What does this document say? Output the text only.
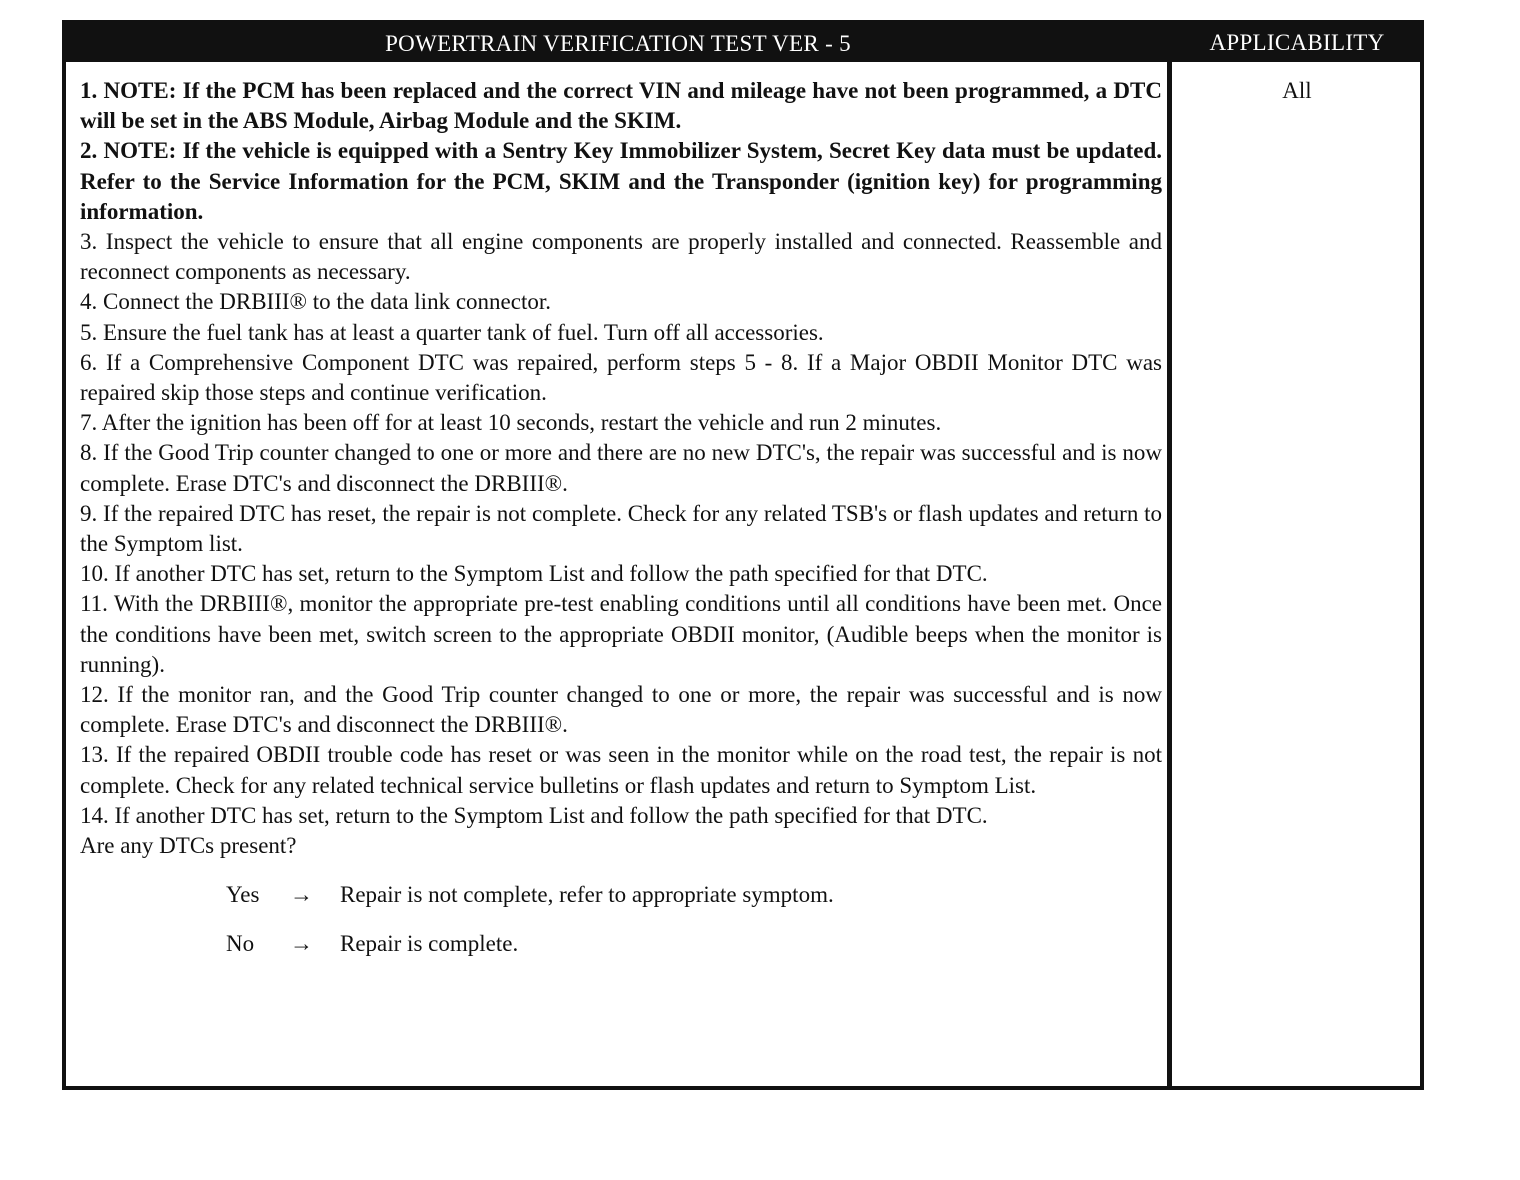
POWERTRAIN VERIFICATION TEST VER - 5	APPLICABILITY

1. NOTE: If the PCM has been replaced and the correct VIN and mileage have not been programmed, a DTC will be set in the ABS Module, Airbag Module and the SKIM.

2. NOTE: If the vehicle is equipped with a Sentry Key Immobilizer System, Secret Key data must be updated. Refer to the Service Information for the PCM, SKIM and the Transponder (ignition key) for programming information.

3. Inspect the vehicle to ensure that all engine components are properly installed and connected. Reassemble and reconnect components as necessary.

4. Connect the DRBIII® to the data link connector.

5. Ensure the fuel tank has at least a quarter tank of fuel. Turn off all accessories.

6. If a Comprehensive Component DTC was repaired, perform steps 5 - 8. If a Major OBDII Monitor DTC was repaired skip those steps and continue verification.

7. After the ignition has been off for at least 10 seconds, restart the vehicle and run 2 minutes.

8. If the Good Trip counter changed to one or more and there are no new DTC's, the repair was successful and is now complete. Erase DTC's and disconnect the DRBIII®.

9. If the repaired DTC has reset, the repair is not complete. Check for any related TSB's or flash updates and return to the Symptom list.

10. If another DTC has set, return to the Symptom List and follow the path specified for that DTC.

11. With the DRBIII®, monitor the appropriate pre-test enabling conditions until all conditions have been met. Once the conditions have been met, switch screen to the appropriate OBDII monitor, (Audible beeps when the monitor is running).

12. If the monitor ran, and the Good Trip counter changed to one or more, the repair was successful and is now complete. Erase DTC's and disconnect the DRBIII®.

13. If the repaired OBDII trouble code has reset or was seen in the monitor while on the road test, the repair is not complete. Check for any related technical service bulletins or flash updates and return to Symptom List.

14. If another DTC has set, return to the Symptom List and follow the path specified for that DTC.

Are any DTCs present?

Yes → Repair is not complete, refer to appropriate symptom.
No → Repair is complete.
All
